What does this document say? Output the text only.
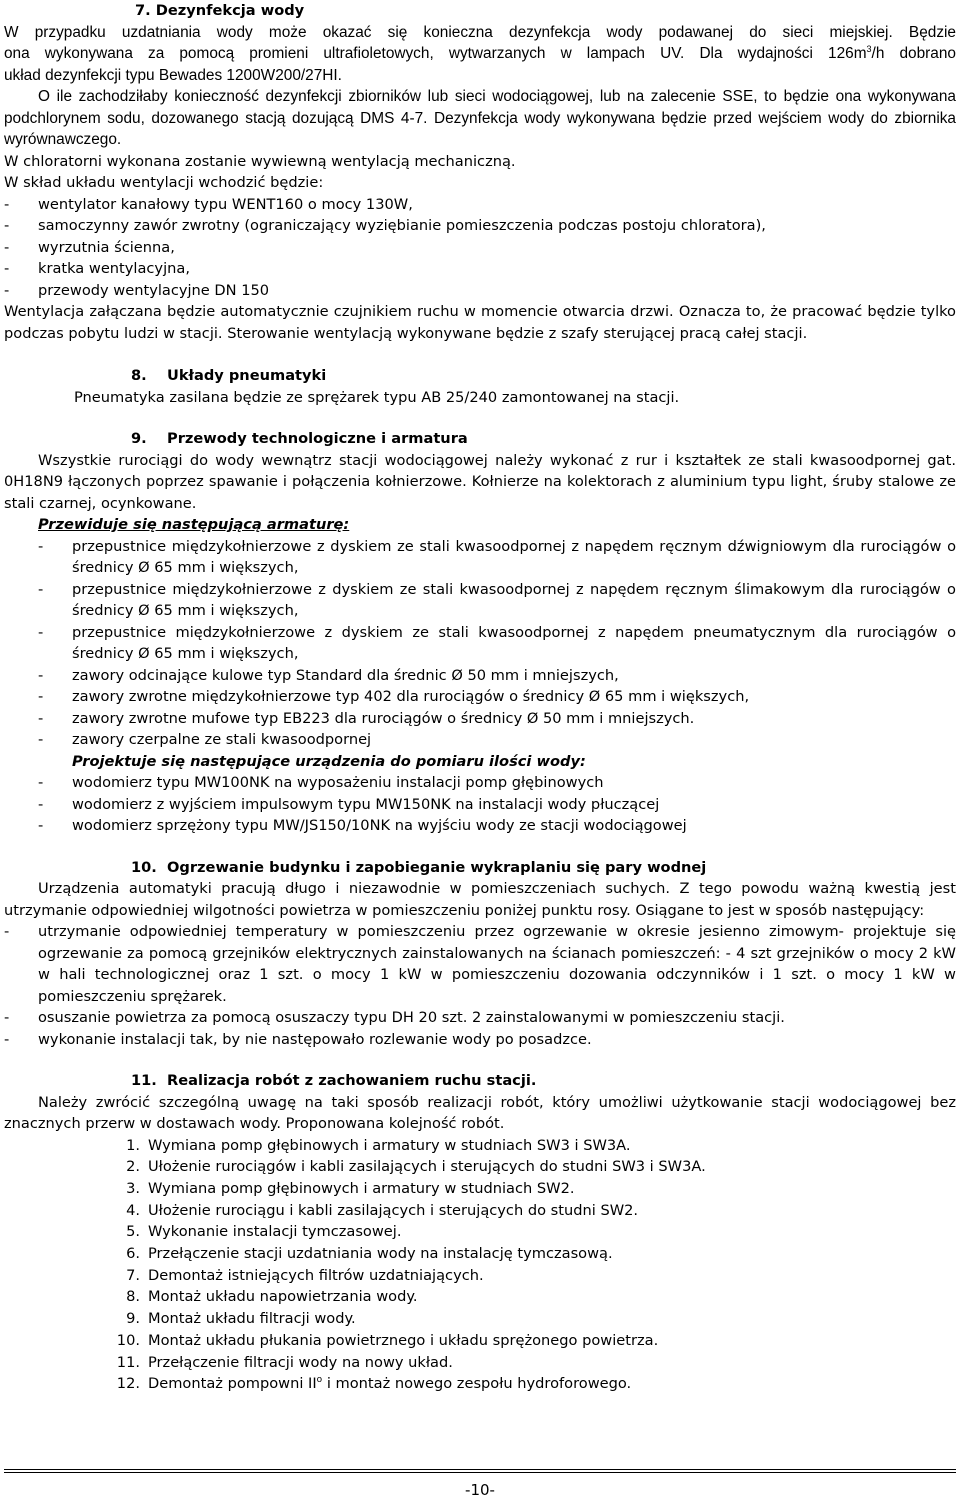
7. Dezynfekcja wody

W przypadku uzdatniania wody może okazać się konieczna dezynfekcja wody podawanej do sieci miejskiej. Będzie

ona wykonywana za pomocą promieni ultrafioletowych, wytwarzanych w lampach UV. Dla wydajności $126m^3/h$ dobrano

układ dezynfekcji typu Bewades 1200W200/27HI.

O ile zachodziłaby konieczność dezynfekcji zbiorników lub sieci wodociągowej, lub na zalecenie SSE, to będzie ona wykonywana podchlorynem sodu, dozowanego stacją dozującą DMS 4-7. Dezynfekcja wody wykonywana będzie przed wejściem wody do zbiornika wyrównawczego.

W chloratorni wykonana zostanie wywiewną wentylacją mechaniczną.

W skład układu wentylacji wchodzić będzie:

-	wentylator kanałowy typu WENT160 o mocy 130W,
-	samoczynny zawór zwrotny (ograniczający wyziębianie pomieszczenia podczas postoju chloratora),
-	wyrzutnia ścienna,
-	kratka wentylacyjna,
-	przewody wentylacyjne DN 150

Wentylacja załączana będzie automatycznie czujnikiem ruchu w momencie otwarcia drzwi. Oznacza to, że pracować będzie tylko podczas pobytu ludzi w stacji. Sterowanie wentylacją wykonywane będzie z szafy sterującej pracą całej stacji.

8. Układy pneumatyki

Pneumatyka zasilana będzie ze sprężarek typu AB 25/240 zamontowanej na stacji.

9. Przewody technologiczne i armatura

Wszystkie rurociągi do wody wewnątrz stacji wodociągowej należy wykonać z rur i kształtek ze stali kwasoodpornej gat. 0H18N9 łączonych poprzez spawanie i połączenia kołnierzowe. Kołnierze na kolektorach z aluminium typu light, śruby stalowe ze stali czarnej, ocynkowane.

Przewiduje się następującą armaturę:

-	przepustnice międzykołnierzowe z dyskiem ze stali kwasoodpornej z napędem ręcznym dźwigniowym dla rurociągów o średnicy Ø 65 mm i większych,
-	przepustnice międzykołnierzowe z dyskiem ze stali kwasoodpornej z napędem ręcznym ślimakowym dla rurociągów o średnicy Ø 65 mm i większych,
-	przepustnice międzykołnierzowe z dyskiem ze stali kwasoodpornej z napędem pneumatycznym dla rurociągów o średnicy Ø 65 mm i większych,
-	zawory odcinające kulowe typ Standard dla średnic Ø 50 mm i mniejszych,
-	zawory zwrotne międzykołnierzowe typ 402 dla rurociągów o średnicy Ø 65 mm i większych,
-	zawory zwrotne mufowe typ EB223 dla rurociągów o średnicy Ø 50 mm i mniejszych.
-	zawory czerpalne ze stali kwasoodpornej

Projektuje się następujące urządzenia do pomiaru ilości wody:

-	wodomierz typu MW100NK na wyposażeniu instalacji pomp głębinowych
-	wodomierz z wyjściem impulsowym typu MW150NK na instalacji wody płuczącej
-	wodomierz sprzężony typu MW/JS150/10NK na wyjściu wody ze stacji wodociągowej

10. Ogrzewanie budynku i zapobieganie wykraplaniu się pary wodnej

Urządzenia automatyki pracują długo i niezawodnie w pomieszczeniach suchych. Z tego powodu ważną kwestią jest utrzymanie odpowiedniej wilgotności powietrza w pomieszczeniu poniżej punktu rosy. Osiągane to jest w sposób następujący:

-	utrzymanie odpowiedniej temperatury w pomieszczeniu przez ogrzewanie w okresie jesienno zimowym- projektuje się ogrzewanie za pomocą grzejników elektrycznych zainstalowanych na ścianach pomieszczeń: - 4 szt grzejników o mocy 2 kW w hali technologicznej oraz 1 szt. o mocy 1 kW w pomieszczeniu dozowania odczynników i 1 szt. o mocy 1 kW w pomieszczeniu sprężarek.
-	osuszanie powietrza za pomocą osuszaczy typu DH 20 szt. 2 zainstalowanymi w pomieszczeniu stacji.
-	wykonanie instalacji tak, by nie następowało rozlewanie wody po posadzce.

11. Realizacja robót z zachowaniem ruchu stacji.

Należy zwrócić szczególną uwagę na taki sposób realizacji robót, który umożliwi użytkowanie stacji wodociągowej bez znacznych przerw w dostawach wody. Proponowana kolejność robót.

1. Wymiana pomp głębinowych i armatury w studniach SW3 i SW3A.
2. Ułożenie rurociągów i kabli zasilających i sterujących do studni SW3 i SW3A.
3. Wymiana pomp głębinowych i armatury w studniach SW2.
4. Ułożenie rurociągu i kabli zasilających i sterujących do studni SW2.
5. Wykonanie instalacji tymczasowej.
6. Przełączenie stacji uzdatniania wody na instalację tymczasową.
7. Demontaż istniejących filtrów uzdatniających.
8. Montaż układu napowietrzania wody.
9. Montaż układu filtracji wody.
10. Montaż układu płukania powietrznego i układu sprężonego powietrza.
11. Przełączenie filtracji wody na nowy układ.
12. Demontaż pompowni $II^o$ i montaż nowego zespołu hydroforowego.
-10-
